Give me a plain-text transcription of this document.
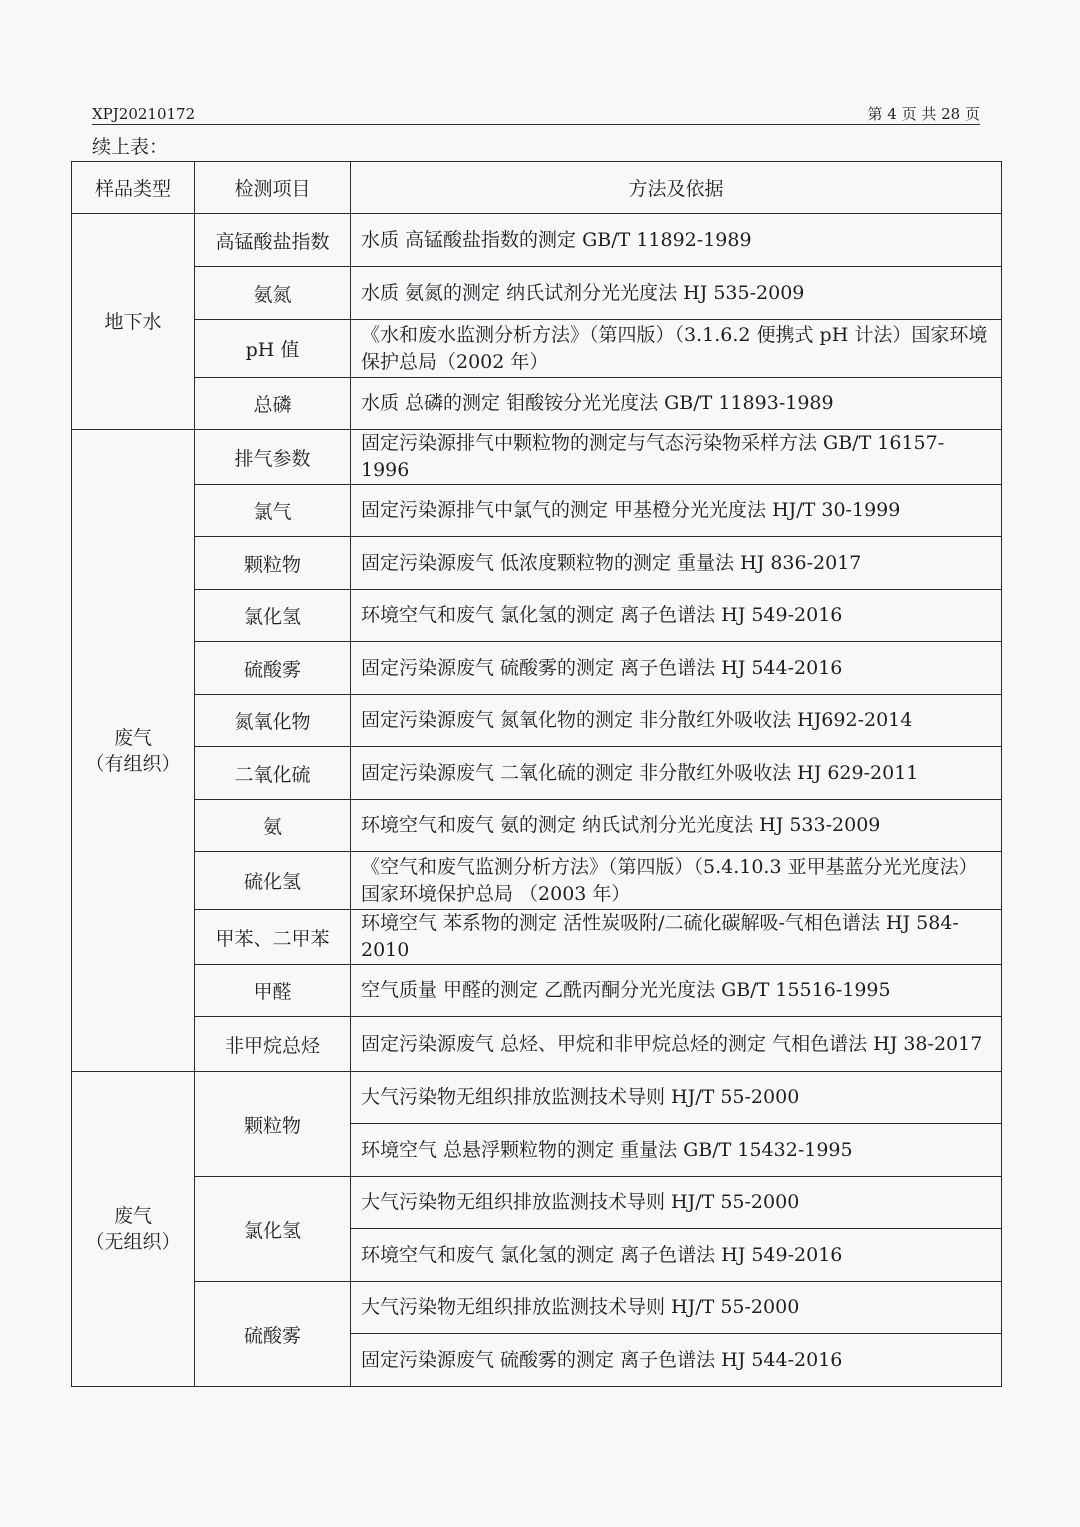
XPJ20210172	第 4 页 共 28 页
续上表：
样品类型	检测项目	方法及依据

地下水	高锰酸盐指数	水质 高锰酸盐指数的测定 GB/T 11892-1989
	氨氮	水质 氨氮的测定 纳氏试剂分光光度法 HJ 535-2009
	pH 值	《水和废水监测分析方法》（第四版）（3.1.6.2 便携式 pH 计法）国家环境保护总局（2002 年）
	总磷	水质 总磷的测定 钼酸铵分光光度法 GB/T 11893-1989

废气
（有组织）	排气参数	固定污染源排气中颗粒物的测定与气态污染物采样方法 GB/T 16157-1996
	氯气	固定污染源排气中氯气的测定 甲基橙分光光度法 HJ/T 30-1999
	颗粒物	固定污染源废气 低浓度颗粒物的测定 重量法 HJ 836-2017
	氯化氢	环境空气和废气 氯化氢的测定 离子色谱法 HJ 549-2016
	硫酸雾	固定污染源废气 硫酸雾的测定 离子色谱法 HJ 544-2016
	氮氧化物	固定污染源废气 氮氧化物的测定 非分散红外吸收法 HJ692-2014
	二氧化硫	固定污染源废气 二氧化硫的测定 非分散红外吸收法 HJ 629-2011
	氨	环境空气和废气 氨的测定 纳氏试剂分光光度法 HJ 533-2009
	硫化氢	《空气和废气监测分析方法》（第四版）（5.4.10.3 亚甲基蓝分光光度法）国家环境保护总局 （2003 年）
	甲苯、二甲苯	环境空气 苯系物的测定 活性炭吸附/二硫化碳解吸-气相色谱法 HJ 584-2010
	甲醛	空气质量 甲醛的测定 乙酰丙酮分光光度法 GB/T 15516-1995
	非甲烷总烃	固定污染源废气 总烃、甲烷和非甲烷总烃的测定 气相色谱法 HJ 38-2017

废气
（无组织）	颗粒物	大气污染物无组织排放监测技术导则 HJ/T 55-2000
		环境空气 总悬浮颗粒物的测定 重量法 GB/T 15432-1995
	氯化氢	大气污染物无组织排放监测技术导则 HJ/T 55-2000
		环境空气和废气 氯化氢的测定 离子色谱法 HJ 549-2016
	硫酸雾	大气污染物无组织排放监测技术导则 HJ/T 55-2000
		固定污染源废气 硫酸雾的测定 离子色谱法 HJ 544-2016
